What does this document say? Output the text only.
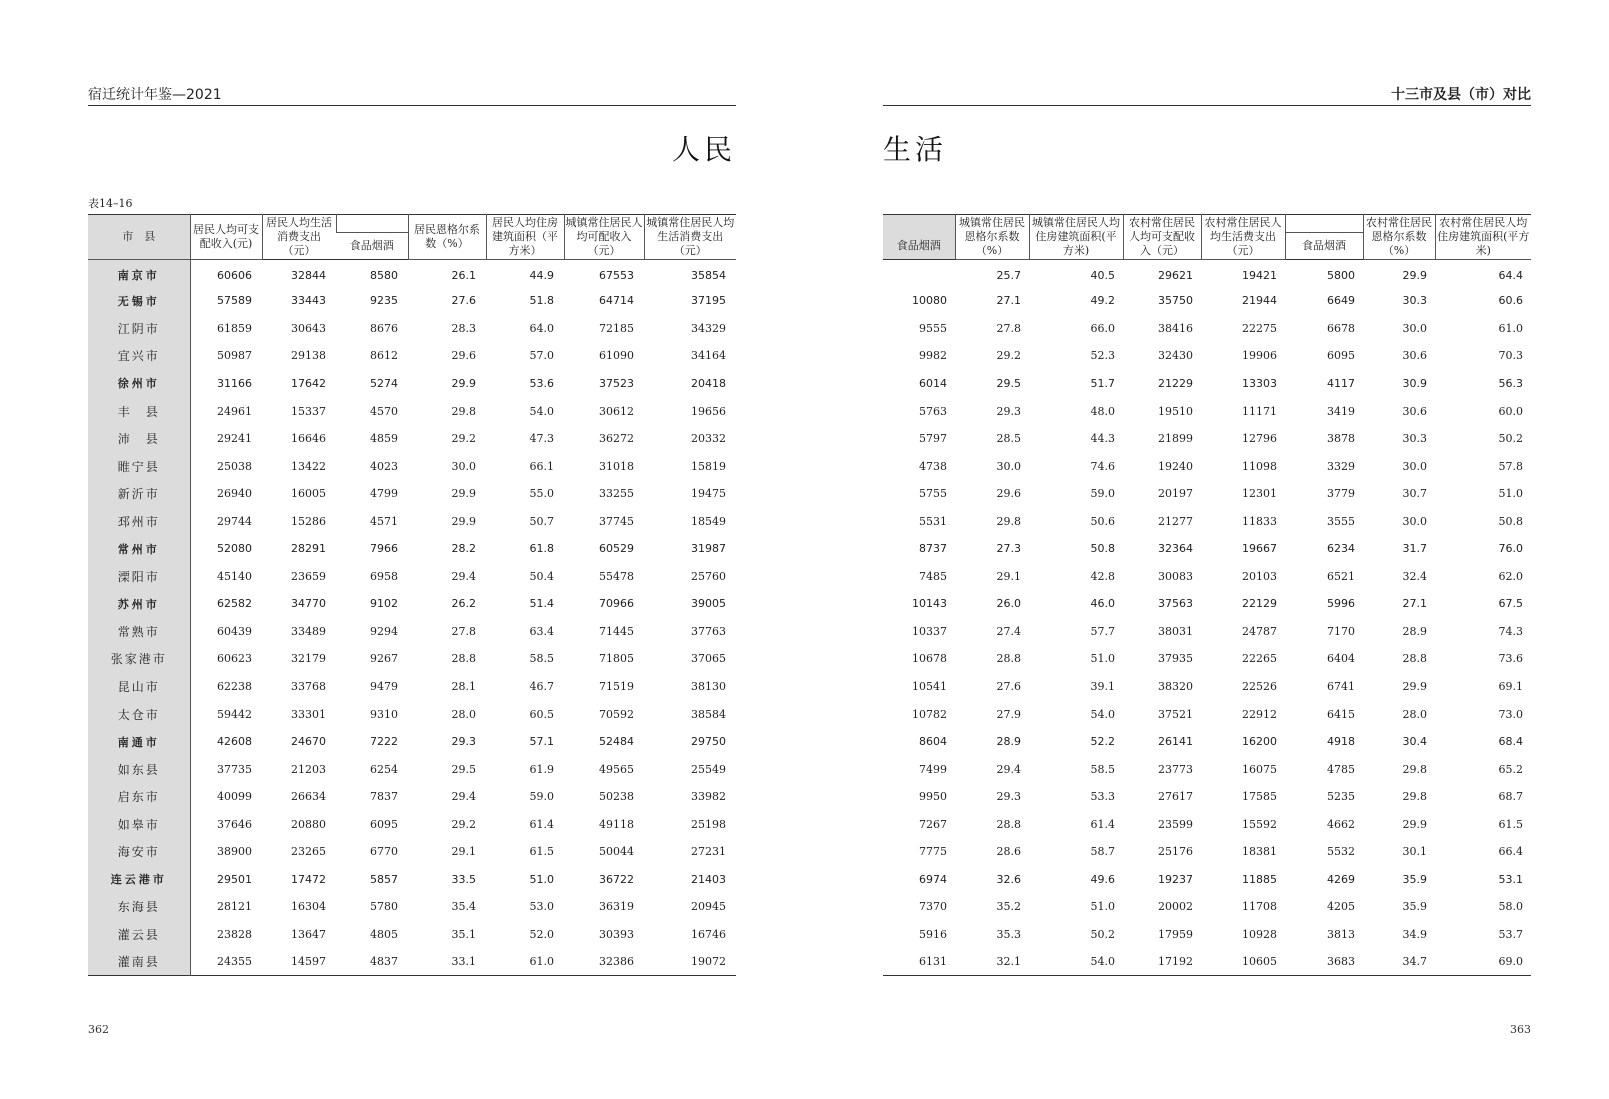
宿迁统计年鉴—2021
人民
表14–16
市　县	居民人均可支配收入(元)	居民人均生活消费支出（元）		居民恩格尔系数（%）	居民人均住房建筑面积（平方米）	城镇常住居民人均可配收入（元）	城镇常住居民人均生活消费支出（元）
			食品烟酒				
南京市	60606	32844	8580	26.1	44.9	67553	35854
无锡市	57589	33443	9235	27.6	51.8	64714	37195
江阴市	61859	30643	8676	28.3	64.0	72185	34329
宜兴市	50987	29138	8612	29.6	57.0	61090	34164
徐州市	31166	17642	5274	29.9	53.6	37523	20418
丰　县	24961	15337	4570	29.8	54.0	30612	19656
沛　县	29241	16646	4859	29.2	47.3	36272	20332
睢宁县	25038	13422	4023	30.0	66.1	31018	15819
新沂市	26940	16005	4799	29.9	55.0	33255	19475
邳州市	29744	15286	4571	29.9	50.7	37745	18549
常州市	52080	28291	7966	28.2	61.8	60529	31987
溧阳市	45140	23659	6958	29.4	50.4	55478	25760
苏州市	62582	34770	9102	26.2	51.4	70966	39005
常熟市	60439	33489	9294	27.8	63.4	71445	37763
张家港市	60623	32179	9267	28.8	58.5	71805	37065
昆山市	62238	33768	9479	28.1	46.7	71519	38130
太仓市	59442	33301	9310	28.0	60.5	70592	38584
南通市	42608	24670	7222	29.3	57.1	52484	29750
如东县	37735	21203	6254	29.5	61.9	49565	25549
启东市	40099	26634	7837	29.4	59.0	50238	33982
如皋市	37646	20880	6095	29.2	61.4	49118	25198
海安市	38900	23265	6770	29.1	61.5	50044	27231
连云港市	29501	17472	5857	33.5	51.0	36722	21403
东海县	28121	16304	5780	35.4	53.0	36319	20945
灌云县	23828	13647	4805	35.1	52.0	30393	16746
灌南县	24355	14597	4837	33.1	61.0	32386	19072
362
十三市及县（市）对比
生活
	城镇常住居民恩格尔系数（%）	城镇常住居民人均住房建筑面积(平方米)	农村常住居民人均可支配收入（元）	农村常住居民人均生活费支出（元）		农村常住居民恩格尔系数（%）	农村常住居民人均住房建筑面积(平方米)
食品烟酒					食品烟酒		
	25.7	40.5	29621	19421	5800	29.9	64.4
10080	27.1	49.2	35750	21944	6649	30.3	60.6
9555	27.8	66.0	38416	22275	6678	30.0	61.0
9982	29.2	52.3	32430	19906	6095	30.6	70.3
6014	29.5	51.7	21229	13303	4117	30.9	56.3
5763	29.3	48.0	19510	11171	3419	30.6	60.0
5797	28.5	44.3	21899	12796	3878	30.3	50.2
4738	30.0	74.6	19240	11098	3329	30.0	57.8
5755	29.6	59.0	20197	12301	3779	30.7	51.0
5531	29.8	50.6	21277	11833	3555	30.0	50.8
8737	27.3	50.8	32364	19667	6234	31.7	76.0
7485	29.1	42.8	30083	20103	6521	32.4	62.0
10143	26.0	46.0	37563	22129	5996	27.1	67.5
10337	27.4	57.7	38031	24787	7170	28.9	74.3
10678	28.8	51.0	37935	22265	6404	28.8	73.6
10541	27.6	39.1	38320	22526	6741	29.9	69.1
10782	27.9	54.0	37521	22912	6415	28.0	73.0
8604	28.9	52.2	26141	16200	4918	30.4	68.4
7499	29.4	58.5	23773	16075	4785	29.8	65.2
9950	29.3	53.3	27617	17585	5235	29.8	68.7
7267	28.8	61.4	23599	15592	4662	29.9	61.5
7775	28.6	58.7	25176	18381	5532	30.1	66.4
6974	32.6	49.6	19237	11885	4269	35.9	53.1
7370	35.2	51.0	20002	11708	4205	35.9	58.0
5916	35.3	50.2	17959	10928	3813	34.9	53.7
6131	32.1	54.0	17192	10605	3683	34.7	69.0
363
